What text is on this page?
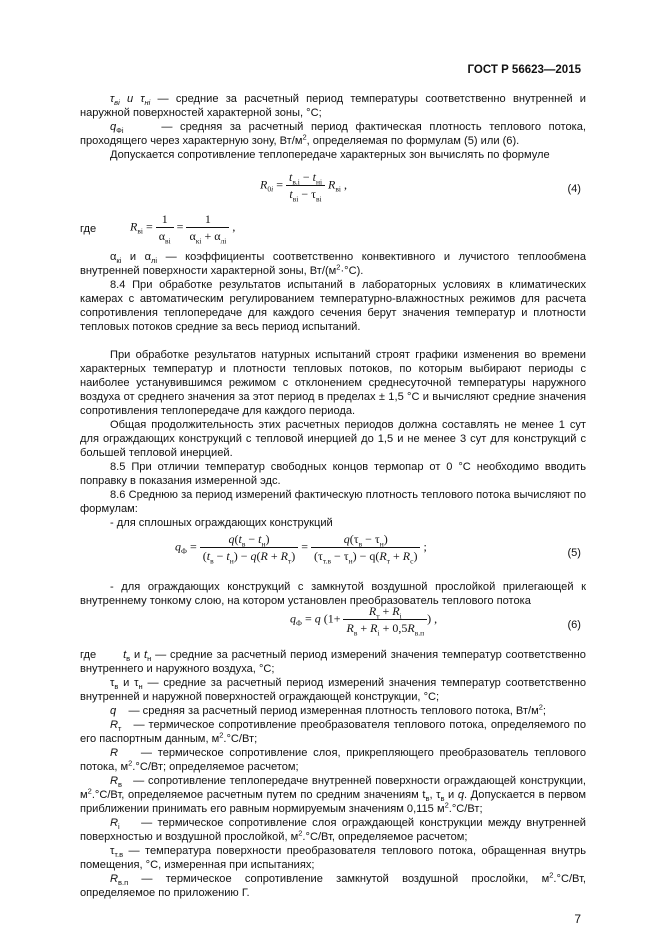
ГОСТ Р 56623—2015
$\tau_{вi}$ и $\tau_{нi}$ — средние за расчетный период температуры соответственно внутренней и наружной поверхностей характерной зоны, °С;
$q_{Фi}$     — средняя за расчетный период фактическая плотность теплового потока, проходящего через характерную зону, $Вт/м^2$, определяемая по формулам (5) или (6).
Допускается сопротивление теплопередаче характерных зон вычислять по формуле
$R_{0i} = \frac{t_{в.i} - t_{нi}}{t_{вi} - \tau_{вi}} R_{вi}$ ,	(4)
где	$R_{вi} = \frac{1}{\alpha_{вi}} = \frac{1}{\alpha_{кi} + \alpha_{лi}}$ ,
$\alpha_{кi}$ и $\alpha_{лi}$ — коэффициенты соответственно конвективного и лучистого теплообмена внутренней поверхности характерной зоны, $Вт/(м^2\cdot^\circ С)$.
8.4 При обработке результатов испытаний в лабораторных условиях в климатических камерах с автоматическим регулированием температурно-влажностных режимов для расчета сопротивления теплопередаче для каждого сечения берут значения температур и плотности тепловых потоков средние за весь период испытаний.
При обработке результатов натурных испытаний строят графики изменения во времени характерных температур и плотности тепловых потоков, по которым выбирают периоды с наиболее устанувившимся режимом с отклонением среднесуточной температуры наружного воздуха от среднего значения за этот период в пределах ± 1,5 °С и вычисляют средние значения сопротивления теплопередаче для каждого периода.
Общая продолжительность этих расчетных периодов должна составлять не менее 1 сут для ограждающих конструкций с тепловой инерцией до 1,5 и не менее 3 сут для конструкций с большей тепловой инерцией.
8.5 При отличии температур свободных концов термопар от 0 °С необходимо вводить поправку в показания измеренной эдс.
8.6 Среднюю за период измерений фактическую плотность теплового потока вычисляют по формулам:
- для сплошных ограждающих конструкций
$q_Ф = \frac{q(t_в - t_н)}{(t_в - t_н) - q(R + R_т)} = \frac{q(\tau_в - \tau_н)}{(\tau_{т.в} - \tau_н) - q(R_т + R_с)}$ ;	(5)
- для ограждающих конструкций с замкнутой воздушной прослойкой прилегающей к внутреннему тонкому слою, на котором установлен преобразователь теплового потока
$q_Ф = q$ ($1+ \frac{R_т + R_i}{R_в + R_i + 0,5R_{в.п}}$ ) ,	(6)
где       $t_в$ и $t_н$ — средние за расчетный период измерений значения температур соответственно внутреннего и наружного воздуха, °С;
$\tau_в$ и $\tau_н$ — средние за расчетный период измерений значения температур соответственно внутренней и наружной поверхностей ограждающей конструкции, °С;
q    — средняя за расчетный период измеренная плотность теплового потока, $Вт/м^2$;
$R_т$   — термическое сопротивление преобразователя теплового потока, определяемого по его паспортным данным, $м^2.^\circ С/Вт$;
R    — термическое сопротивление слоя, прикрепляющего преобразователь теплового потока, $м^2.^\circ С/Вт$; определяемое расчетом;
$R_в$   — сопротивление теплопередаче внутренней поверхности ограждающей конструкции, $м^2.^\circ С/Вт$, определяемое расчетным путем по средним значениям $t_в$, $\tau_в$ и q. Допускается в первом приближении принимать его равным нормируемым значениям 0,115 $м^2.^\circ С/Вт$;
$R_i$    — термическое сопротивление слоя ограждающей конструкции между внутренней поверхностью и воздушной прослойкой, $м^2.^\circ С/Вт$, определяемое расчетом;
$\tau_{т.в}$ — температура поверхности преобразователя теплового потока, обращенная внутрь помещения, °С, измеренная при испытаниях;
$R_{в.п}$ — термическое сопротивление замкнутой воздушной прослойки, $м^2.^\circ С/Вт$, определяемое по приложению Г.
7
